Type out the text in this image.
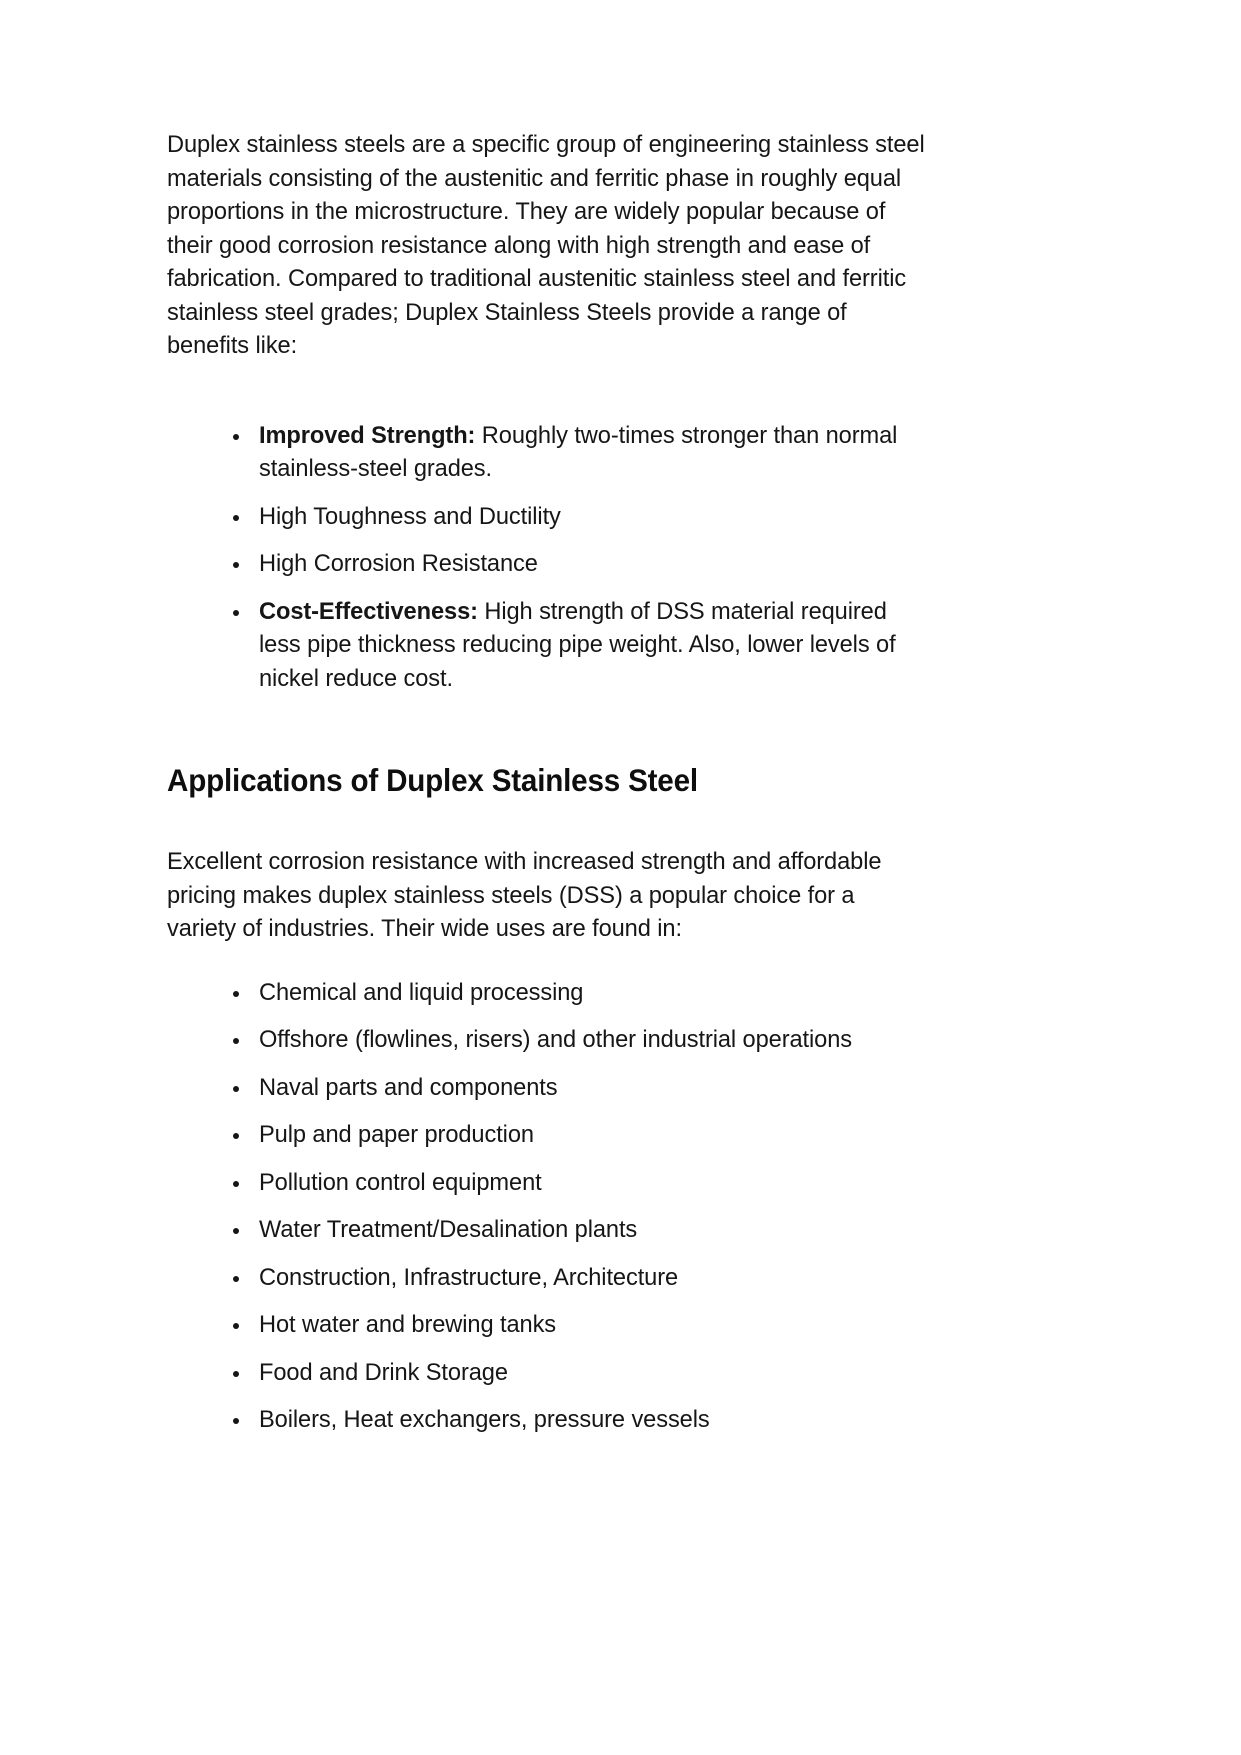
Duplex stainless steels are a specific group of engineering stainless steel materials consisting of the austenitic and ferritic phase in roughly equal proportions in the microstructure. They are widely popular because of their good corrosion resistance along with high strength and ease of fabrication. Compared to traditional austenitic stainless steel and ferritic stainless steel grades; Duplex Stainless Steels provide a range of benefits like:

Improved Strength: Roughly two-times stronger than normal stainless-steel grades.
High Toughness and Ductility
High Corrosion Resistance
Cost-Effectiveness: High strength of DSS material required less pipe thickness reducing pipe weight. Also, lower levels of nickel reduce cost.
Applications of Duplex Stainless Steel

Excellent corrosion resistance with increased strength and affordable pricing makes duplex stainless steels (DSS) a popular choice for a variety of industries. Their wide uses are found in:

Chemical and liquid processing
Offshore (flowlines, risers) and other industrial operations
Naval parts and components
Pulp and paper production
Pollution control equipment
Water Treatment/Desalination plants
Construction, Infrastructure, Architecture
Hot water and brewing tanks
Food and Drink Storage
Boilers, Heat exchangers, pressure vessels
